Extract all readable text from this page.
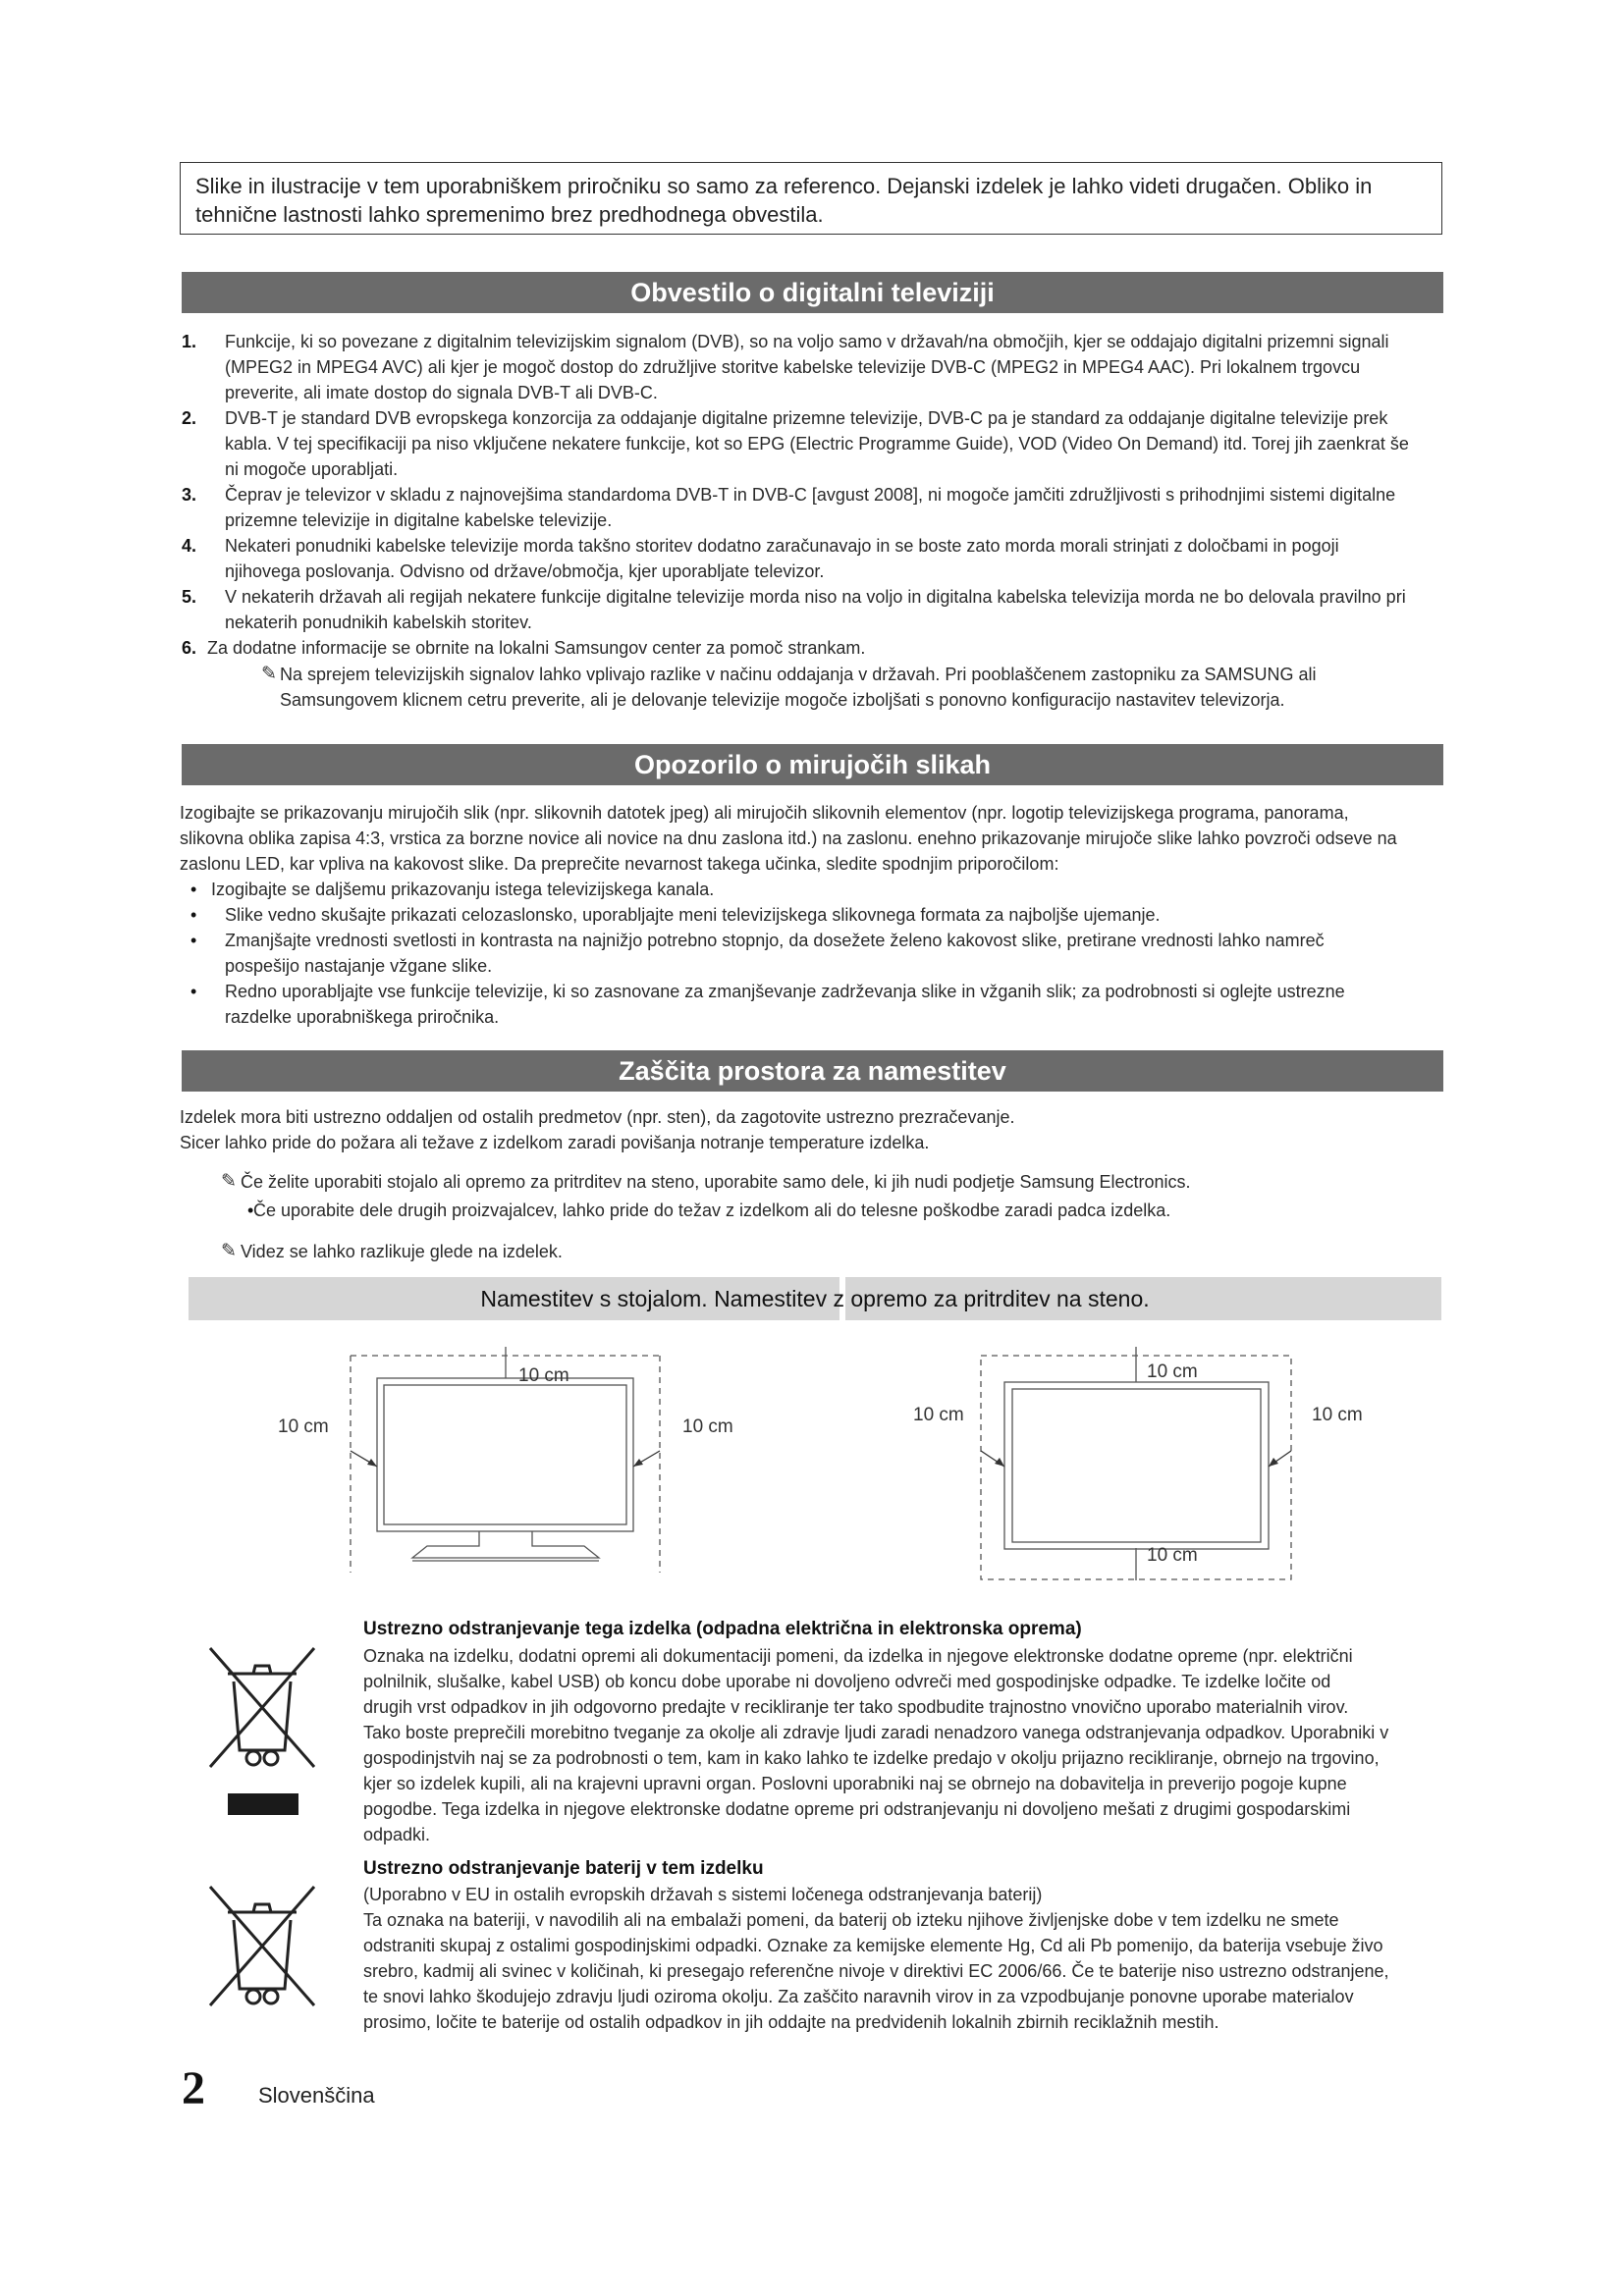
Slike in ilustracije v tem uporabniškem priročniku so samo za referenco. Dejanski izdelek je lahko videti drugačen. Obliko in tehnične lastnosti lahko spremenimo brez predhodnega obvestila.
Obvestilo o digitalni televiziji
1. Funkcije, ki so povezane z digitalnim televizijskim signalom (DVB), so na voljo samo v državah/na območjih, kjer se oddajajo digitalni prizemni signali
(MPEG2 in MPEG4 AVC) ali kjer je mogoč dostop do združljive storitve kabelske televizije DVB-C (MPEG2 in MPEG4 AAC). Pri lokalnem trgovcu
preverite, ali imate dostop do signala DVB-T ali DVB-C.
2. DVB-T je standard DVB evropskega konzorcija za oddajanje digitalne prizemne televizije, DVB-C pa je standard za oddajanje digitalne televizije prek
kabla. V tej specifikaciji pa niso vključene nekatere funkcije, kot so EPG (Electric Programme Guide), VOD (Video On Demand) itd. Torej jih zaenkrat še
ni mogoče uporabljati.
3. Čeprav je televizor v skladu z najnovejšima standardoma DVB-T in DVB-C [avgust 2008], ni mogoče jamčiti združljivosti s prihodnjimi sistemi digitalne
prizemne televizije in digitalne kabelske televizije.
4. Nekateri ponudniki kabelske televizije morda takšno storitev dodatno zaračunavajo in se boste zato morda morali strinjati z določbami in pogoji
njihovega poslovanja. Odvisno od države/območja, kjer uporabljate televizor.
5. V nekaterih državah ali regijah nekatere funkcije digitalne televizije morda niso na voljo in digitalna kabelska televizija morda ne bo delovala pravilno pri
nekaterih ponudnikih kabelskih storitev.
6. Za dodatne informacije se obrnite na lokalni Samsungov center za pomoč strankam.
✎ Na sprejem televizijskih signalov lahko vplivajo razlike v načinu oddajanja v državah. Pri pooblaščenem zastopniku za SAMSUNG ali
Samsungovem klicnem cetru preverite, ali je delovanje televizije mogoče izboljšati s ponovno konfiguracijo nastavitev televizorja.
Opozorilo o mirujočih slikah
Izogibajte se prikazovanju mirujočih slik (npr. slikovnih datotek jpeg) ali mirujočih slikovnih elementov (npr. logotip televizijskega programa, panorama,
slikovna oblika zapisa 4:3, vrstica za borzne novice ali novice na dnu zaslona itd.) na zaslonu. enehno prikazovanje mirujoče slike lahko povzroči odseve na
zaslonu LED, kar vpliva na kakovost slike. Da preprečite nevarnost takega učinka, sledite spodnjim priporočilom:
• Izogibajte se daljšemu prikazovanju istega televizijskega kanala.
• Slike vedno skušajte prikazati celozaslonsko, uporabljajte meni televizijskega slikovnega formata za najboljše ujemanje.
• Zmanjšajte vrednosti svetlosti in kontrasta na najnižjo potrebno stopnjo, da dosežete želeno kakovost slike, pretirane vrednosti lahko namreč
pospešijo nastajanje vžgane slike.
• Redno uporabljajte vse funkcije televizije, ki so zasnovane za zmanjševanje zadrževanja slike in vžganih slik; za podrobnosti si oglejte ustrezne
razdelke uporabniškega priročnika.
Zaščita prostora za namestitev
Izdelek mora biti ustrezno oddaljen od ostalih predmetov (npr. sten), da zagotovite ustrezno prezračevanje.
Sicer lahko pride do požara ali težave z izdelkom zaradi povišanja notranje temperature izdelka.
✎ Če želite uporabiti stojalo ali opremo za pritrditev na steno, uporabite samo dele, ki jih nudi podjetje Samsung Electronics.
• Če uporabite dele drugih proizvajalcev, lahko pride do težav z izdelkom ali do telesne poškodbe zaradi padca izdelka.
✎ Videz se lahko razlikuje glede na izdelek.
Namestitev s stojalom. Namestitev z opremo za pritrditev na steno.
10 cm
10 cm	10 cm
10 cm
10 cm	10 cm
10 cm
Ustrezno odstranjevanje tega izdelka (odpadna električna in elektronska oprema)
Oznaka na izdelku, dodatni opremi ali dokumentaciji pomeni, da izdelka in njegove elektronske dodatne opreme (npr. električni
polnilnik, slušalke, kabel USB) ob koncu dobe uporabe ni dovoljeno odvreči med gospodinjske odpadke. Te izdelke ločite od
drugih vrst odpadkov in jih odgovorno predajte v recikliranje ter tako spodbudite trajnostno vnovično uporabo materialnih virov.
Tako boste preprečili morebitno tveganje za okolje ali zdravje ljudi zaradi nenadzoro vanega odstranjevanja odpadkov. Uporabniki v
gospodinjstvih naj se za podrobnosti o tem, kam in kako lahko te izdelke predajo v okolju prijazno recikliranje, obrnejo na trgovino,
kjer so izdelek kupili, ali na krajevni upravni organ. Poslovni uporabniki naj se obrnejo na dobavitelja in preverijo pogoje kupne
pogodbe. Tega izdelka in njegove elektronske dodatne opreme pri odstranjevanju ni dovoljeno mešati z drugimi gospodarskimi
odpadki.
Ustrezno odstranjevanje baterij v tem izdelku
(Uporabno v EU in ostalih evropskih državah s sistemi ločenega odstranjevanja baterij)
Ta oznaka na bateriji, v navodilih ali na embalaži pomeni, da baterij ob izteku njihove življenjske dobe v tem izdelku ne smete
odstraniti skupaj z ostalimi gospodinjskimi odpadki. Oznake za kemijske elemente Hg, Cd ali Pb pomenijo, da baterija vsebuje živo
srebro, kadmij ali svinec v količinah, ki presegajo referenčne nivoje v direktivi EC 2006/66. Če te baterije niso ustrezno odstranjene,
te snovi lahko škodujejo zdravju ljudi oziroma okolju. Za zaščito naravnih virov in za vzpodbujanje ponovne uporabe materialov
prosimo, ločite te baterije od ostalih odpadkov in jih oddajte na predvidenih lokalnih zbirnih reciklažnih mestih.
2 Slovenščina
